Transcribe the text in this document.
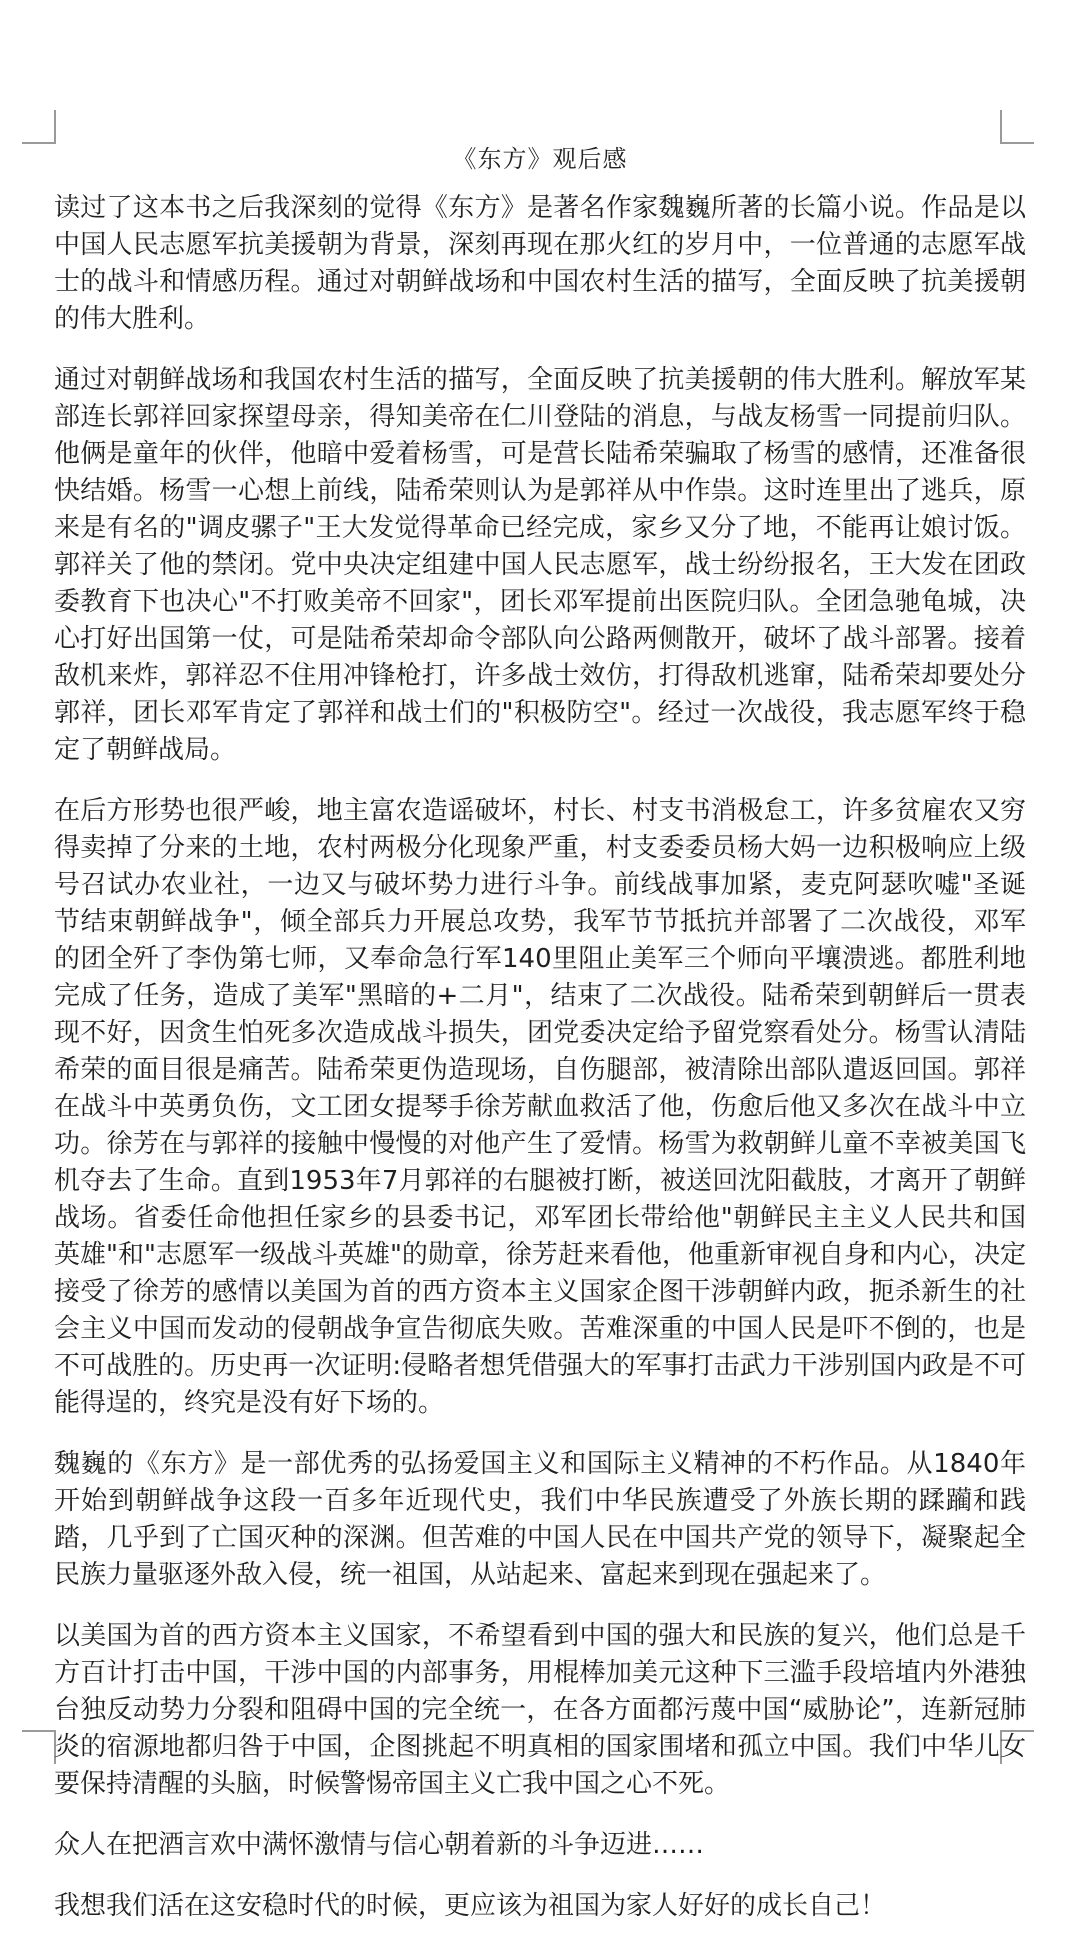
《东方》观后感

读过了这本书之后我深刻的觉得《东方》是著名作家魏巍所著的长篇小说。作品是以中国人民志愿军抗美援朝为背景，深刻再现在那火红的岁月中，一位普通的志愿军战士的战斗和情感历程。通过对朝鲜战场和中国农村生活的描写，全面反映了抗美援朝的伟大胜利。

通过对朝鲜战场和我国农村生活的描写，全面反映了抗美援朝的伟大胜利。解放军某部连长郭祥回家探望母亲，得知美帝在仁川登陆的消息，与战友杨雪一同提前归队。他俩是童年的伙伴，他暗中爱着杨雪，可是营长陆希荣骗取了杨雪的感情，还准备很快结婚。杨雪一心想上前线，陆希荣则认为是郭祥从中作祟。这时连里出了逃兵，原来是有名的"调皮骡子"王大发觉得革命已经完成，家乡又分了地，不能再让娘讨饭。郭祥关了他的禁闭。党中央决定组建中国人民志愿军，战士纷纷报名，王大发在团政委教育下也决心"不打败美帝不回家"，团长邓军提前出医院归队。全团急驰龟城，决心打好出国第一仗，可是陆希荣却命令部队向公路两侧散开，破坏了战斗部署。接着敌机来炸，郭祥忍不住用冲锋枪打，许多战士效仿，打得敌机逃窜，陆希荣却要处分郭祥，团长邓军肯定了郭祥和战士们的"积极防空"。经过一次战役，我志愿军终于稳定了朝鲜战局。

在后方形势也很严峻，地主富农造谣破坏，村长、村支书消极怠工，许多贫雇农又穷得卖掉了分来的土地，农村两极分化现象严重，村支委委员杨大妈一边积极响应上级号召试办农业社，一边又与破坏势力进行斗争。前线战事加紧，麦克阿瑟吹嘘"圣诞节结束朝鲜战争"，倾全部兵力开展总攻势，我军节节抵抗并部署了二次战役，邓军的团全歼了李伪第七师，又奉命急行军140里阻止美军三个师向平壤溃逃。都胜利地完成了任务，造成了美军"黑暗的+二月"，结束了二次战役。陆希荣到朝鲜后一贯表现不好，因贪生怕死多次造成战斗损失，团党委决定给予留党察看处分。杨雪认清陆希荣的面目很是痛苦。陆希荣更伪造现场，自伤腿部，被清除出部队遣返回国。郭祥在战斗中英勇负伤，文工团女提琴手徐芳献血救活了他，伤愈后他又多次在战斗中立功。徐芳在与郭祥的接触中慢慢的对他产生了爱情。杨雪为救朝鲜儿童不幸被美国飞机夺去了生命。直到1953年7月郭祥的右腿被打断，被送回沈阳截肢，才离开了朝鲜战场。省委任命他担任家乡的县委书记，邓军团长带给他"朝鲜民主主义人民共和国英雄"和"志愿军一级战斗英雄"的勋章，徐芳赶来看他，他重新审视自身和内心，决定接受了徐芳的感情以美国为首的西方资本主义国家企图干涉朝鲜内政，扼杀新生的社会主义中国而发动的侵朝战争宣告彻底失败。苦难深重的中国人民是吓不倒的，也是不可战胜的。历史再一次证明:侵略者想凭借强大的军事打击武力干涉别国内政是不可能得逞的，终究是没有好下场的。

魏巍的《东方》是一部优秀的弘扬爱国主义和国际主义精神的不朽作品。从1840年开始到朝鲜战争这段一百多年近现代史，我们中华民族遭受了外族长期的蹂躏和践踏，几乎到了亡国灭种的深渊。但苦难的中国人民在中国共产党的领导下，凝聚起全民族力量驱逐外敌入侵，统一祖国，从站起来、富起来到现在强起来了。

以美国为首的西方资本主义国家，不希望看到中国的强大和民族的复兴，他们总是千方百计打击中国，干涉中国的内部事务，用棍棒加美元这种下三滥手段培埴内外港独台独反动势力分裂和阻碍中国的完全统一，在各方面都污蔑中国“威胁论”，连新冠肺炎的宿源地都归咎于中国，企图挑起不明真相的国家围堵和孤立中国。我们中华儿女要保持清醒的头脑，时候警惕帝国主义亡我中国之心不死。

众人在把酒言欢中满怀激情与信心朝着新的斗争迈进……

我想我们活在这安稳时代的时候，更应该为祖国为家人好好的成长自己！
